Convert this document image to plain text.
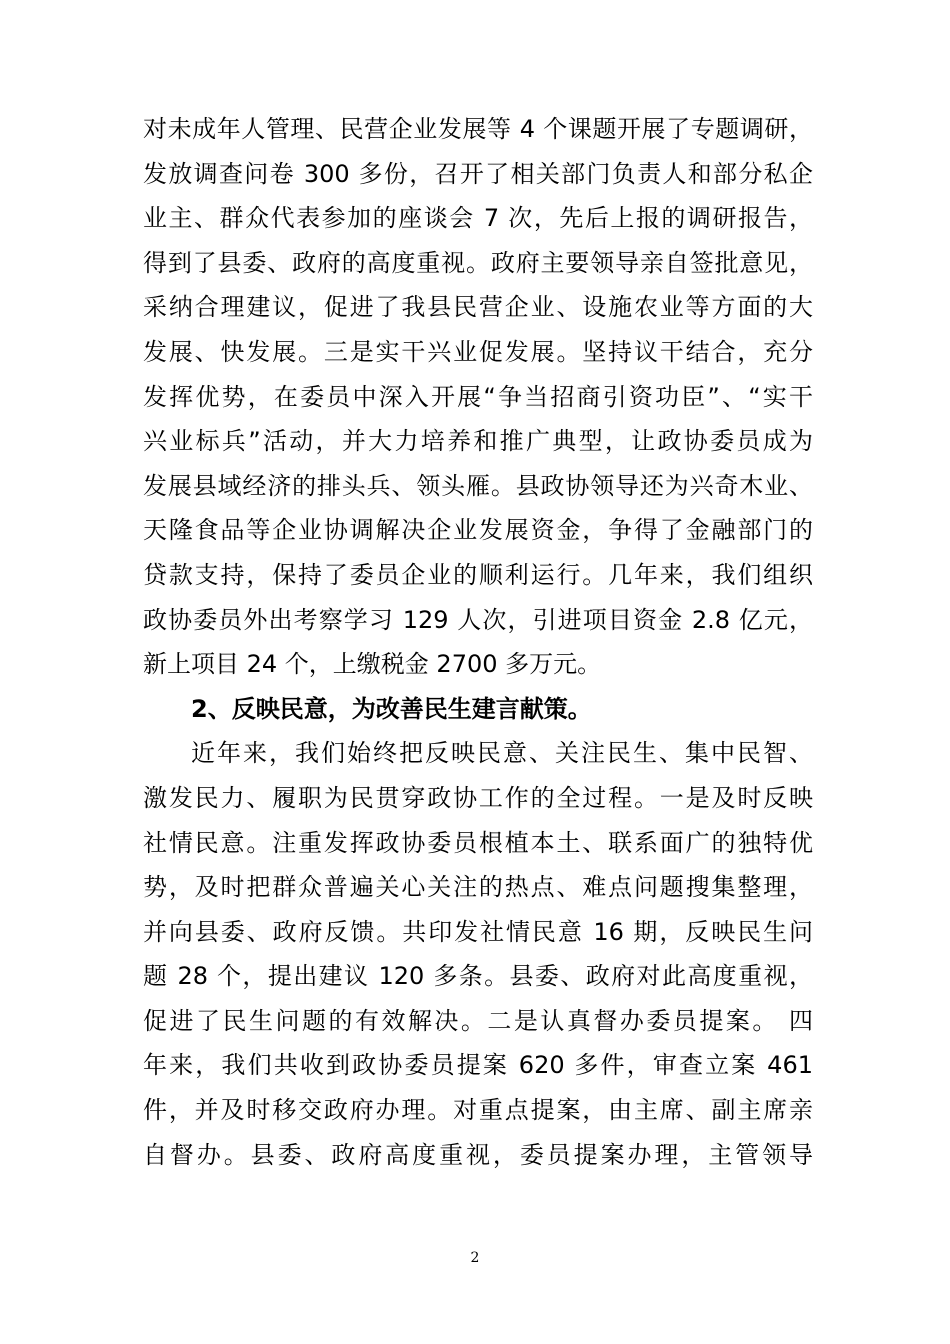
对未成年人管理、民营企业发展等 4 个课题开展了专题调研，
发放调查问卷 300 多份，召开了相关部门负责人和部分私企
业主、群众代表参加的座谈会 7 次，先后上报的调研报告，
得到了县委、政府的高度重视。政府主要领导亲自签批意见，
采纳合理建议，促进了我县民营企业、设施农业等方面的大
发展、快发展。三是实干兴业促发展。坚持议干结合，充分
发挥优势，在委员中深入开展“争当招商引资功臣”、“实干
兴业标兵”活动，并大力培养和推广典型，让政协委员成为
发展县域经济的排头兵、领头雁。县政协领导还为兴奇木业、
天隆食品等企业协调解决企业发展资金，争得了金融部门的
贷款支持，保持了委员企业的顺利运行。几年来，我们组织
政协委员外出考察学习 129 人次，引进项目资金 2.8 亿元，
新上项目 24 个，上缴税金 2700 多万元。
2、反映民意，为改善民生建言献策。
近年来，我们始终把反映民意、关注民生、集中民智、
激发民力、履职为民贯穿政协工作的全过程。一是及时反映
社情民意。注重发挥政协委员根植本土、联系面广的独特优
势，及时把群众普遍关心关注的热点、难点问题搜集整理，
并向县委、政府反馈。共印发社情民意 16 期，反映民生问
题 28 个，提出建议 120 多条。县委、政府对此高度重视，
促进了民生问题的有效解决。二是认真督办委员提案。 四
年来，我们共收到政协委员提案 620 多件，审查立案 461
件，并及时移交政府办理。对重点提案，由主席、副主席亲
自督办。县委、政府高度重视，委员提案办理，主管领导
2
